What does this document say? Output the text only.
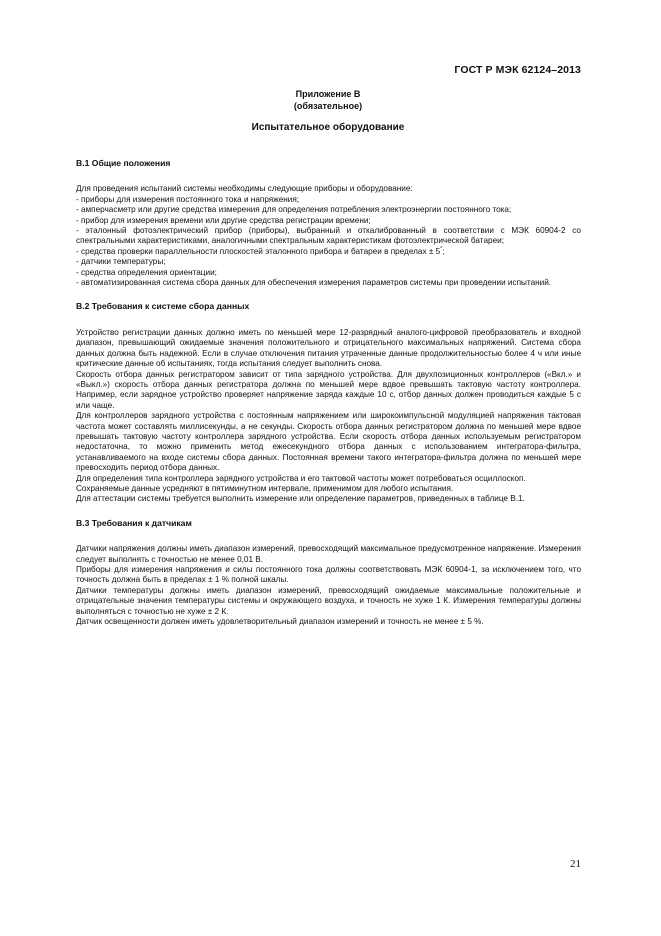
ГОСТ Р МЭК 62124–2013
Приложение В
(обязательное)
Испытательное оборудование
В.1 Общие положения

Для проведения испытаний системы необходимы следующие приборы и оборудование:

- приборы для измерения постоянного тока и напряжения;

- амперчасметр или другие средства измерения для определения потребления электроэнергии постоянного тока;

- прибор для измерения времени или другие средства регистрации времени;

- эталонный фотоэлектрический прибор (приборы), выбранный и откалиброванный в соответствии с МЭК 60904-2 со спектральными характеристиками, аналогичными спектральным характеристикам фотоэлектрической батареи;

- средства проверки параллельности плоскостей эталонного прибора и батареи в пределах ± 5°;

- датчики температуры;

- средства определения ориентации;

- автоматизированная система сбора данных для обеспечения измерения параметров системы при проведении испытаний.

В.2 Требования к системе сбора данных

Устройство регистрации данных должно иметь по меньшей мере 12-разрядный аналого-цифровой преобразователь и входной диапазон, превышающий ожидаемые значения положительного и отрицательного максимальных напряжений. Система сбора данных должна быть надежной. Если в случае отключения питания утраченные данные продолжительностью более 4 ч или иные критические данные об испытаниях, тогда испытания следует выполнить снова.

Скорость отбора данных регистратором зависит от типа зарядного устройства. Для двухпозиционных контроллеров («Вкл.» и «Выкл.») скорость отбора данных регистратора должна по меньшей мере вдвое превышать тактовую частоту контроллера. Например, если зарядное устройство проверяет напряжение заряда каждые 10 с, отбор данных должен проводиться каждые 5 с или чаще.

Для контроллеров зарядного устройства с постоянным напряжением или широкоимпульсной модуляцией напряжения тактовая частота может составлять миллисекунды, а не секунды. Скорость отбора данных регистратором должна по меньшей мере вдвое превышать тактовую частоту контроллера зарядного устройства. Если скорость отбора данных используемым регистратором недостаточна, то можно применить метод ежесекундного отбора данных с использованием интегратора-фильтра, устанавливаемого на входе системы сбора данных. Постоянная времени такого интегратора-фильтра должна по меньшей мере превосходить период отбора данных.

Для определения типа контроллера зарядного устройства и его тактовой частоты может потребоваться осциллоскоп.

Сохраняемые данные усредняют в пятиминутном интервале, применимом для любого испытания.

Для аттестации системы требуется выполнить измерение или определение параметров, приведенных в таблице В.1.

В.3 Требования к датчикам

Датчики напряжения должны иметь диапазон измерений, превосходящий максимальное предусмотренное напряжение. Измерения следует выполнять с точностью не менее 0,01 В.

Приборы для измерения напряжения и силы постоянного тока должны соответствовать МЭК 60904-1, за исключением того, что точность должна быть в пределах ± 1 % полной шкалы.

Датчики температуры должны иметь диапазон измерений, превосходящий ожидаемые максимальные положительные и отрицательные значения температуры системы и окружающего воздуха, и точность не хуже 1 К. Измерения температуры должны выполняться с точностью не хуже ± 2 К.

Датчик освещенности должен иметь удовлетворительный диапазон измерений и точность не менее ± 5 %.

21
